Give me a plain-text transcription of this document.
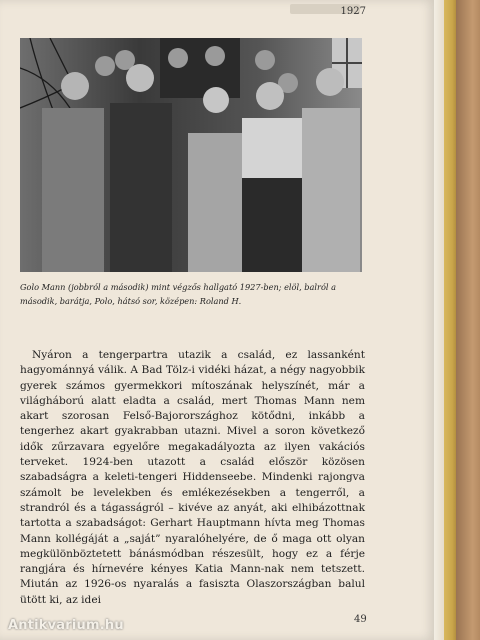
1927

Golo Mann (jobbról a második) mint végzős hallgató 1927-ben; elöl, balról a második, barátja, Polo, hátsó sor, középen: Roland H.

Nyáron a tengerpartra utazik a család, ez lassanként hagyománnyá válik. A Bad Tölz-i vidéki házat, a négy nagyobbik gyerek számos gyermekkori mítoszának helyszínét, már a világháború alatt eladta a család, mert Thomas Mann nem akart szorosan Felső-Bajorországhoz kötődni, inkább a tengerhez akart gyakrabban utazni. Mivel a soron következő idők zűrzavara egyelőre megakadályozta az ilyen vakációs terveket. 1924-ben utazott a család először közösen szabadságra a keleti-tengeri Hiddenseebe. Mindenki rajongva számolt be levelekben és emlékezésekben a tengerről, a strandról és a tágasságról – kivéve az anyát, aki elhibázottnak tartotta a szabadságot: Gerhart Hauptmann hívta meg Thomas Mann kollégáját a „saját” nyaralóhelyére, de ő maga ott olyan megkülönböztetett bánásmódban részesült, hogy ez a férje rangjára és hírnevére kényes Katia Mann-nak nem tetszett. Miután az 1926-os nyaralás a fasiszta Olaszországban balul ütött ki, az idei

49

Antikvarium.hu
